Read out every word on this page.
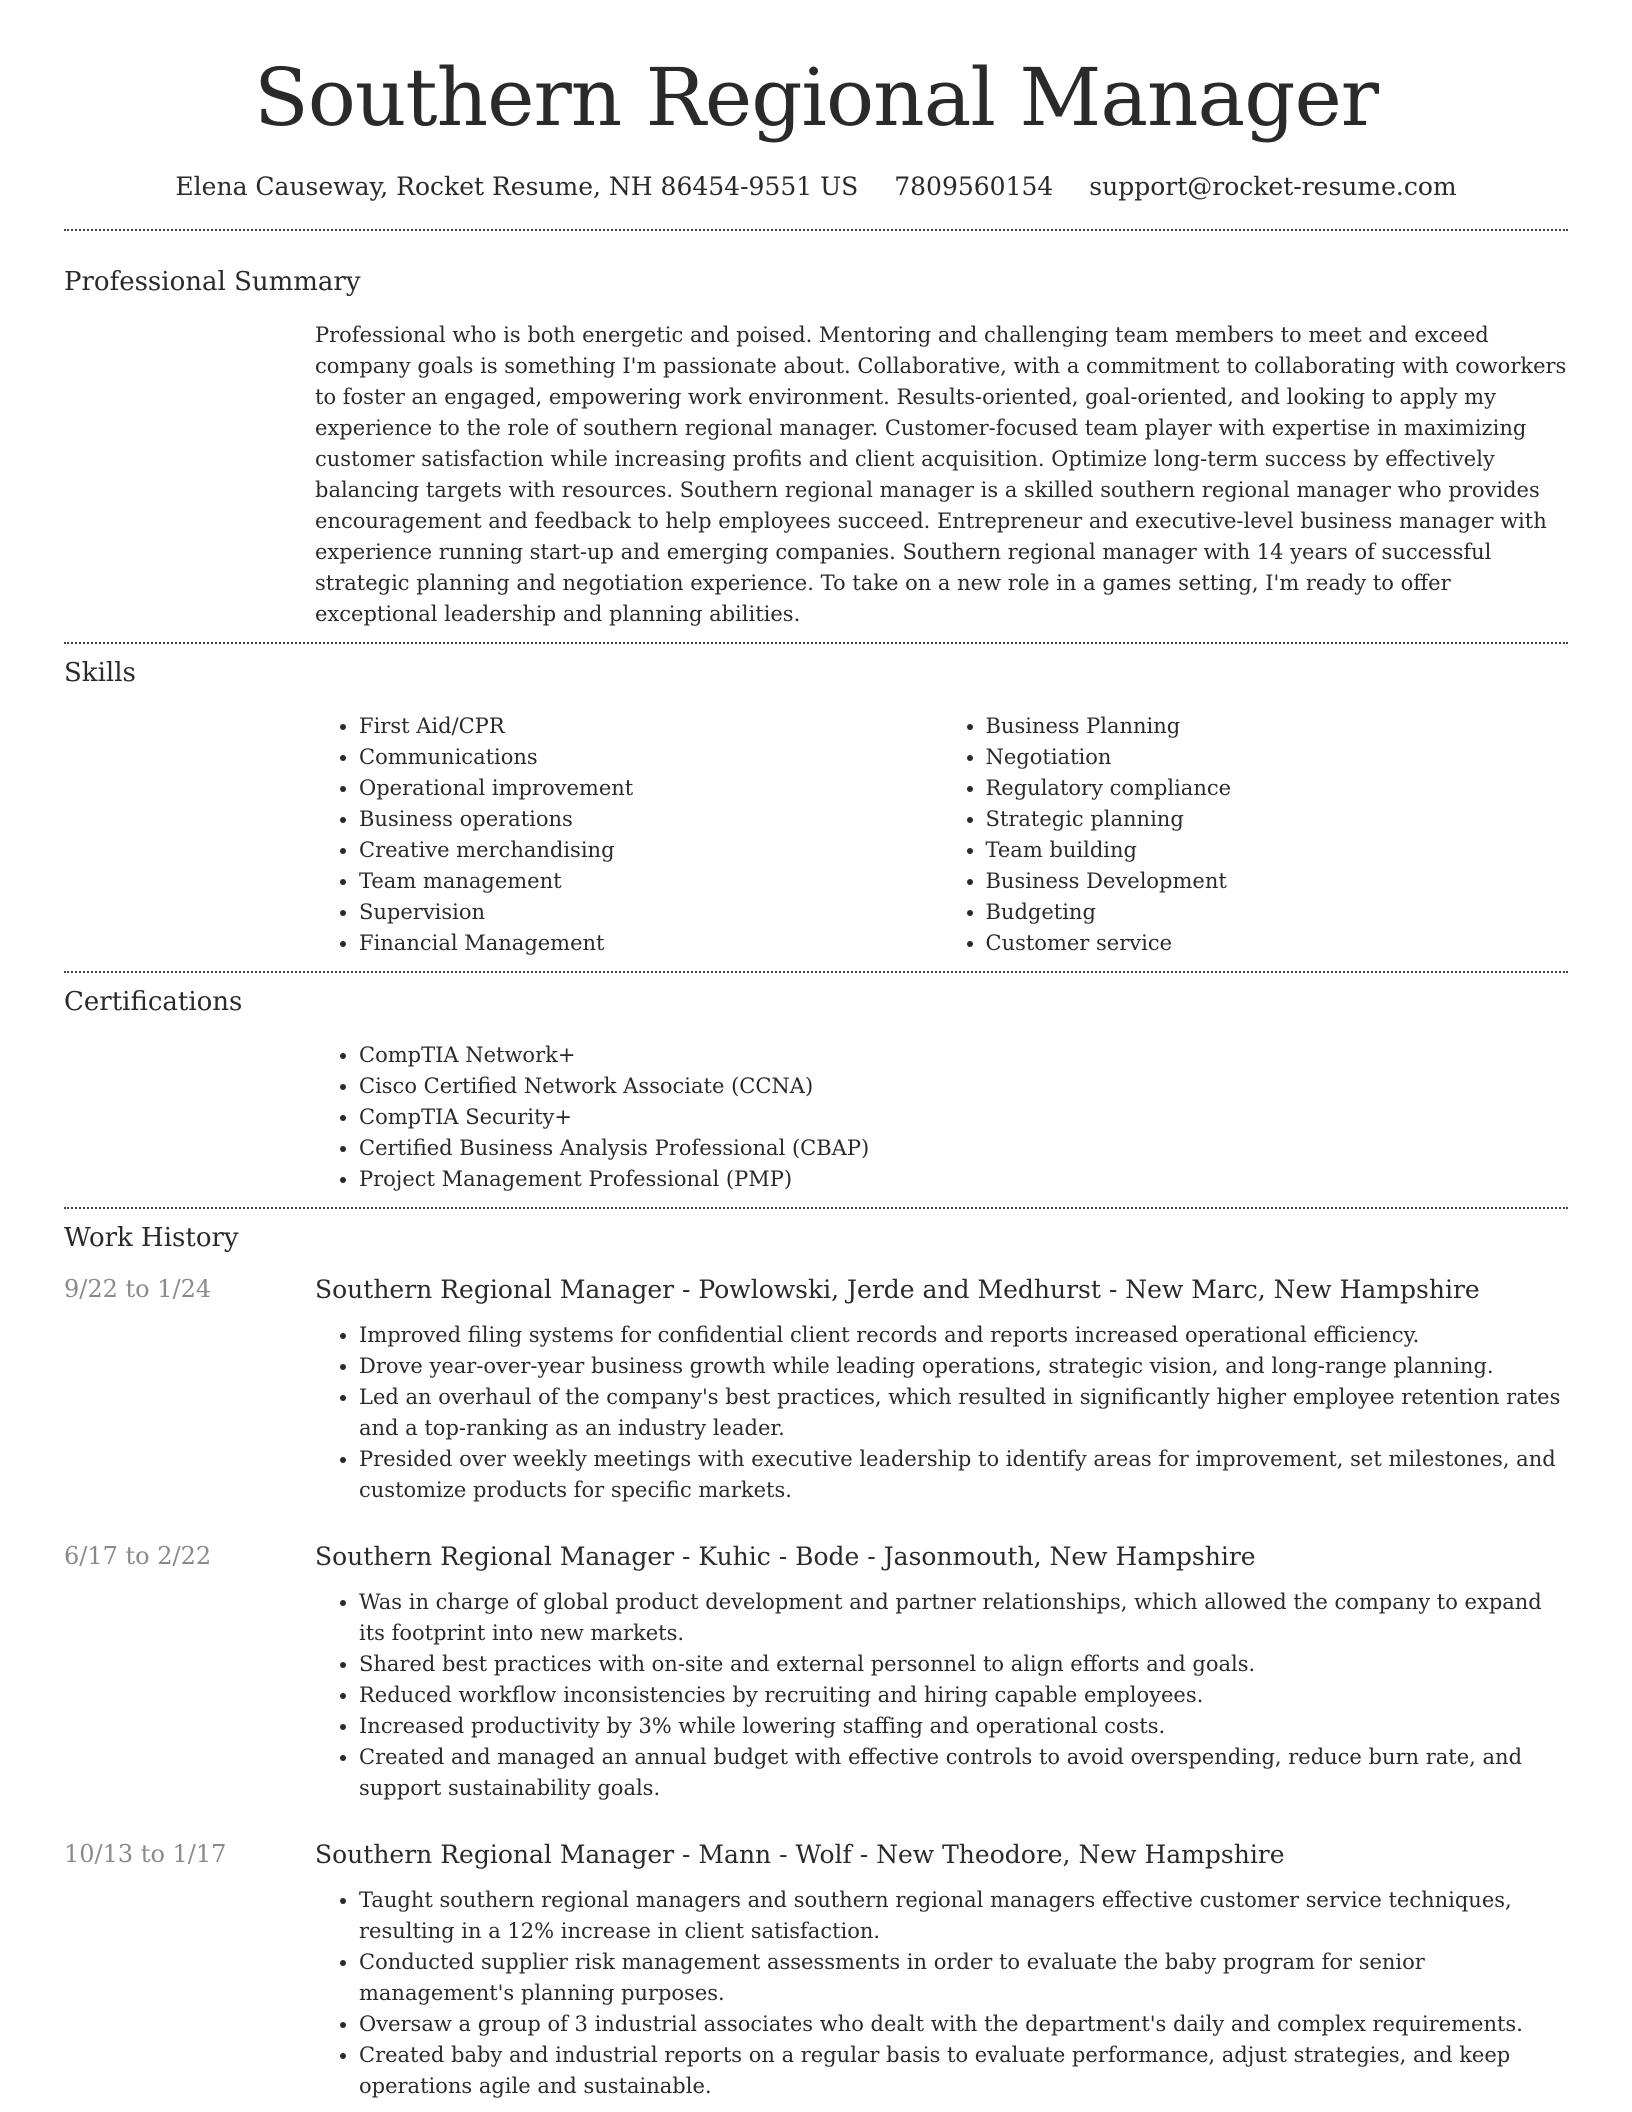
Southern Regional Manager
Elena Causeway, Rocket Resume, NH 86454-9551 US 7809560154 support@rocket-resume.com
Professional Summary
Professional who is both energetic and poised. Mentoring and challenging team members to meet and exceed company goals is something I'm passionate about. Collaborative, with a commitment to collaborating with coworkers to foster an engaged, empowering work environment. Results-oriented, goal-oriented, and looking to apply my experience to the role of southern regional manager. Customer-focused team player with expertise in maximizing customer satisfaction while increasing profits and client acquisition. Optimize long-term success by effectively balancing targets with resources. Southern regional manager is a skilled southern regional manager who provides encouragement and feedback to help employees succeed. Entrepreneur and executive-level business manager with experience running start-up and emerging companies. Southern regional manager with 14 years of successful strategic planning and negotiation experience. To take on a new role in a games setting, I'm ready to offer exceptional leadership and planning abilities.
Skills
• First Aid/CPR
• Communications
• Operational improvement
• Business operations
• Creative merchandising
• Team management
• Supervision
• Financial Management
• Business Planning
• Negotiation
• Regulatory compliance
• Strategic planning
• Team building
• Business Development
• Budgeting
• Customer service
Certifications
• CompTIA Network+
• Cisco Certified Network Associate (CCNA)
• CompTIA Security+
• Certified Business Analysis Professional (CBAP)
• Project Management Professional (PMP)
Work History
9/22 to 1/24	Southern Regional Manager - Powlowski, Jerde and Medhurst - New Marc, New Hampshire
• Improved filing systems for confidential client records and reports increased operational efficiency.
• Drove year-over-year business growth while leading operations, strategic vision, and long-range planning.
• Led an overhaul of the company's best practices, which resulted in significantly higher employee retention rates and a top-ranking as an industry leader.
• Presided over weekly meetings with executive leadership to identify areas for improvement, set milestones, and customize products for specific markets.
6/17 to 2/22	Southern Regional Manager - Kuhic - Bode - Jasonmouth, New Hampshire
• Was in charge of global product development and partner relationships, which allowed the company to expand its footprint into new markets.
• Shared best practices with on-site and external personnel to align efforts and goals.
• Reduced workflow inconsistencies by recruiting and hiring capable employees.
• Increased productivity by 3% while lowering staffing and operational costs.
• Created and managed an annual budget with effective controls to avoid overspending, reduce burn rate, and support sustainability goals.
10/13 to 1/17	Southern Regional Manager - Mann - Wolf - New Theodore, New Hampshire
• Taught southern regional managers and southern regional managers effective customer service techniques, resulting in a 12% increase in client satisfaction.
• Conducted supplier risk management assessments in order to evaluate the baby program for senior management's planning purposes.
• Oversaw a group of 3 industrial associates who dealt with the department's daily and complex requirements.
• Created baby and industrial reports on a regular basis to evaluate performance, adjust strategies, and keep operations agile and sustainable.
